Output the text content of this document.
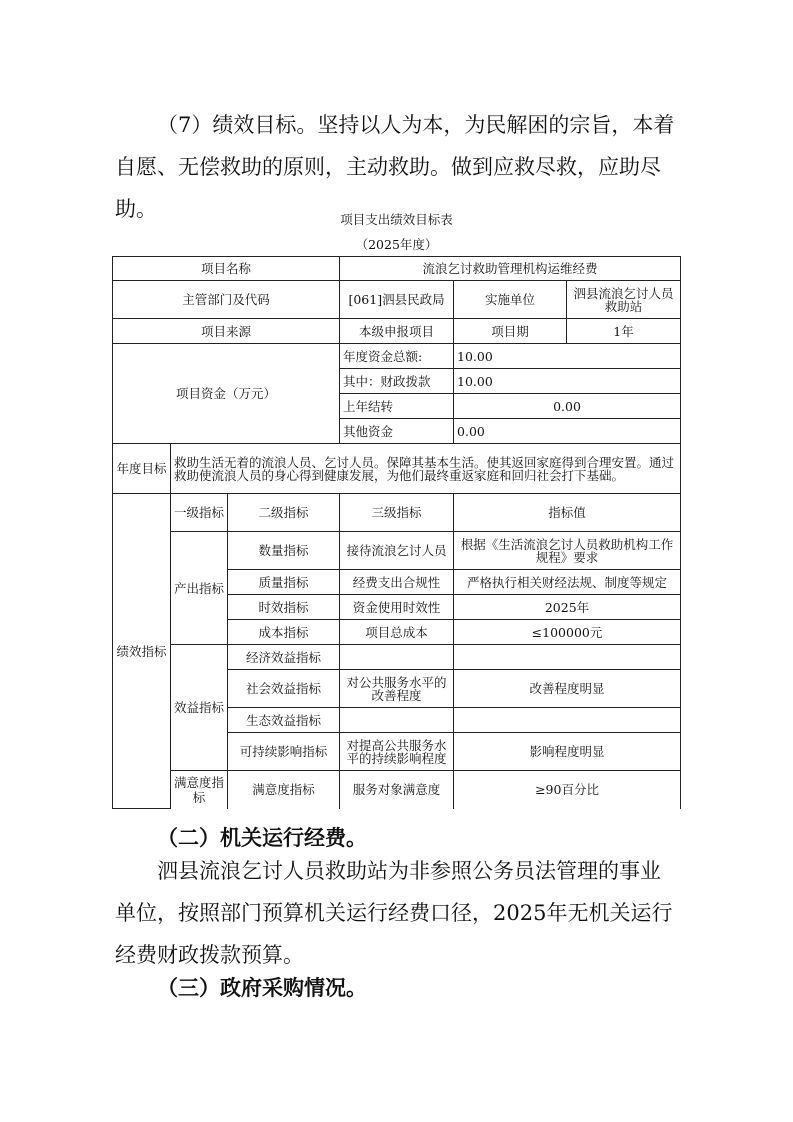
（7）绩效目标。坚持以人为本，为民解困的宗旨，本着自愿、无偿救助的原则，主动救助。做到应救尽救，应助尽助。	项目支出绩效目标表
（2025年度）
项目名称			流浪乞讨救助管理机构运维经费		
主管部门及代码			[061]泗县民政局	实施单位	泗县流浪乞讨人员救助站
项目来源			本级申报项目	项目期	1年
项目资金（万元）			年度资金总额:	10.00	
			其中：财政拨款	10.00	
			上年结转	0.00	
			其他资金	0.00	
年度目标	救助生活无着的流浪人员、乞讨人员。保障其基本生活。使其返回家庭得到合理安置。通过救助使流浪人员的身心得到健康发展，为他们最终重返家庭和回归社会打下基础。				
绩效指标	一级指标	二级指标	三级指标	指标值	
	产出指标	数量指标	接待流浪乞讨人员	根据《生活流浪乞讨人员救助机构工作规程》要求	
		质量指标	经费支出合规性	严格执行相关财经法规、制度等规定	
		时效指标	资金使用时效性	2025年	
		成本指标	项目总成本	≤100000元	
	效益指标	经济效益指标			
		社会效益指标	对公共服务水平的改善程度	改善程度明显	
		生态效益指标			
		可持续影响指标	对提高公共服务水平的持续影响程度	影响程度明显	
	满意度指标	满意度指标	服务对象满意度	≥90百分比	
（二）机关运行经费。

泗县流浪乞讨人员救助站为非参照公务员法管理的事业单位，按照部门预算机关运行经费口径，2025年无机关运行经费财政拨款预算。

（三）政府采购情况。
